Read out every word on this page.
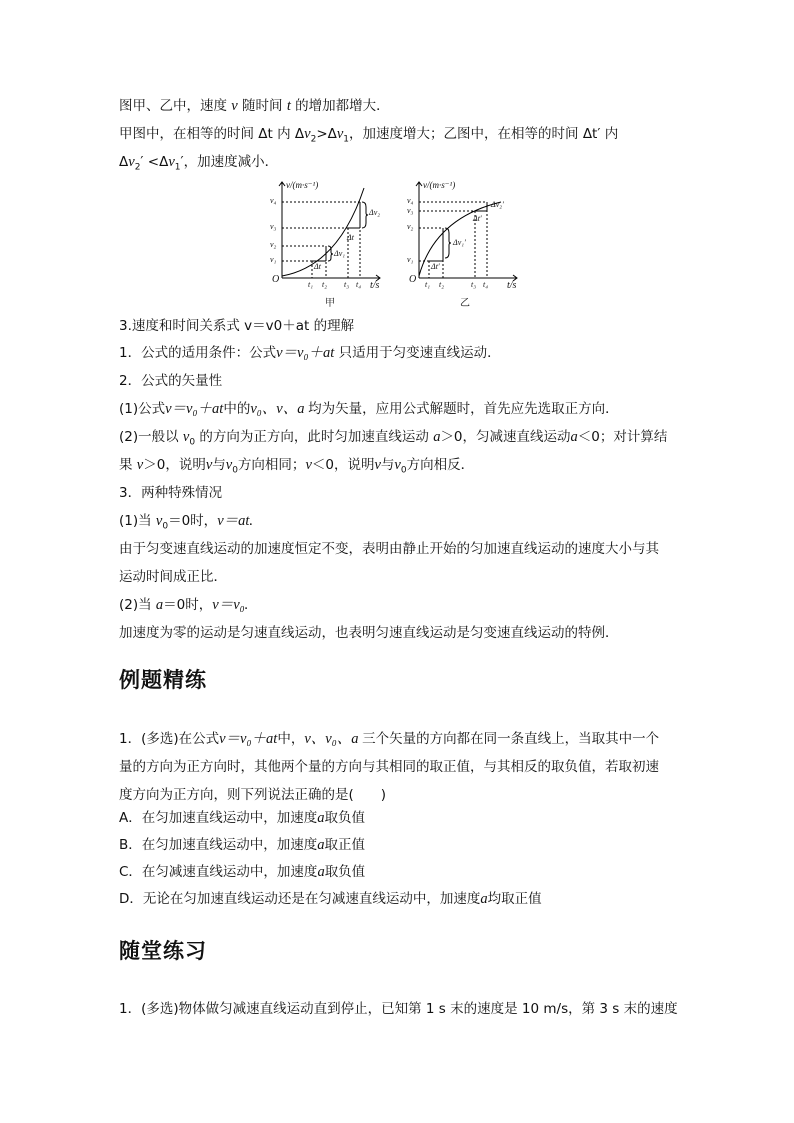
图甲、乙中，速度 v 随时间 t 的增加都增大．
甲图中，在相等的时间 Δt 内 $\Delta v_2>\Delta v_1$，加速度增大；乙图中，在相等的时间 Δt′ 内
$\Delta v_2' <\Delta v_1'$，加速度减小．
v/(m·s⁻¹)
t/s
O
v₄
v₃
v₂
v₁
t₁ t₂ t₃ t₄
Δv₂
Δt
Δv₁
Δt
甲
v/(m·s⁻¹)
t/s
O
v₄
v₃
v₂
v₁
t₁ t₂	t₃ t₄
Δv₂′
Δt′
Δv₁′
Δt′
乙
3.速度和时间关系式 v＝v0＋at 的理解
1．公式的适用条件：公式v＝v₀＋at 只适用于匀变速直线运动．
2．公式的矢量性
(1)公式v＝v₀＋at中的v₀、v、a 均为矢量，应用公式解题时，首先应先选取正方向．
(2)一般以 $v_0$ 的方向为正方向，此时匀加速直线运动 a＞0，匀减速直线运动a＜0；对计算结
果 v＞0，说明v与$v_0$方向相同；v＜0，说明v与$v_0$方向相反．
3．两种特殊情况
(1)当 $v_0=0$时，v＝at.
由于匀变速直线运动的加速度恒定不变，表明由静止开始的匀加速直线运动的速度大小与其
运动时间成正比．
(2)当 a＝0时，v＝v₀.
加速度为零的运动是匀速直线运动，也表明匀速直线运动是匀变速直线运动的特例．
例题精练
1．(多选)在公式v＝v₀＋at中，v、v₀、a 三个矢量的方向都在同一条直线上，当取其中一个
量的方向为正方向时，其他两个量的方向与其相同的取正值，与其相反的取负值，若取初速
度方向为正方向，则下列说法正确的是(　　)
A．在匀加速直线运动中，加速度a取负值
B．在匀加速直线运动中，加速度a取正值
C．在匀减速直线运动中，加速度a取负值
D．无论在匀加速直线运动还是在匀减速直线运动中，加速度a均取正值
随堂练习
1．(多选)物体做匀减速直线运动直到停止，已知第 1 s 末的速度是 10 m/s，第 3 s 末的速度
